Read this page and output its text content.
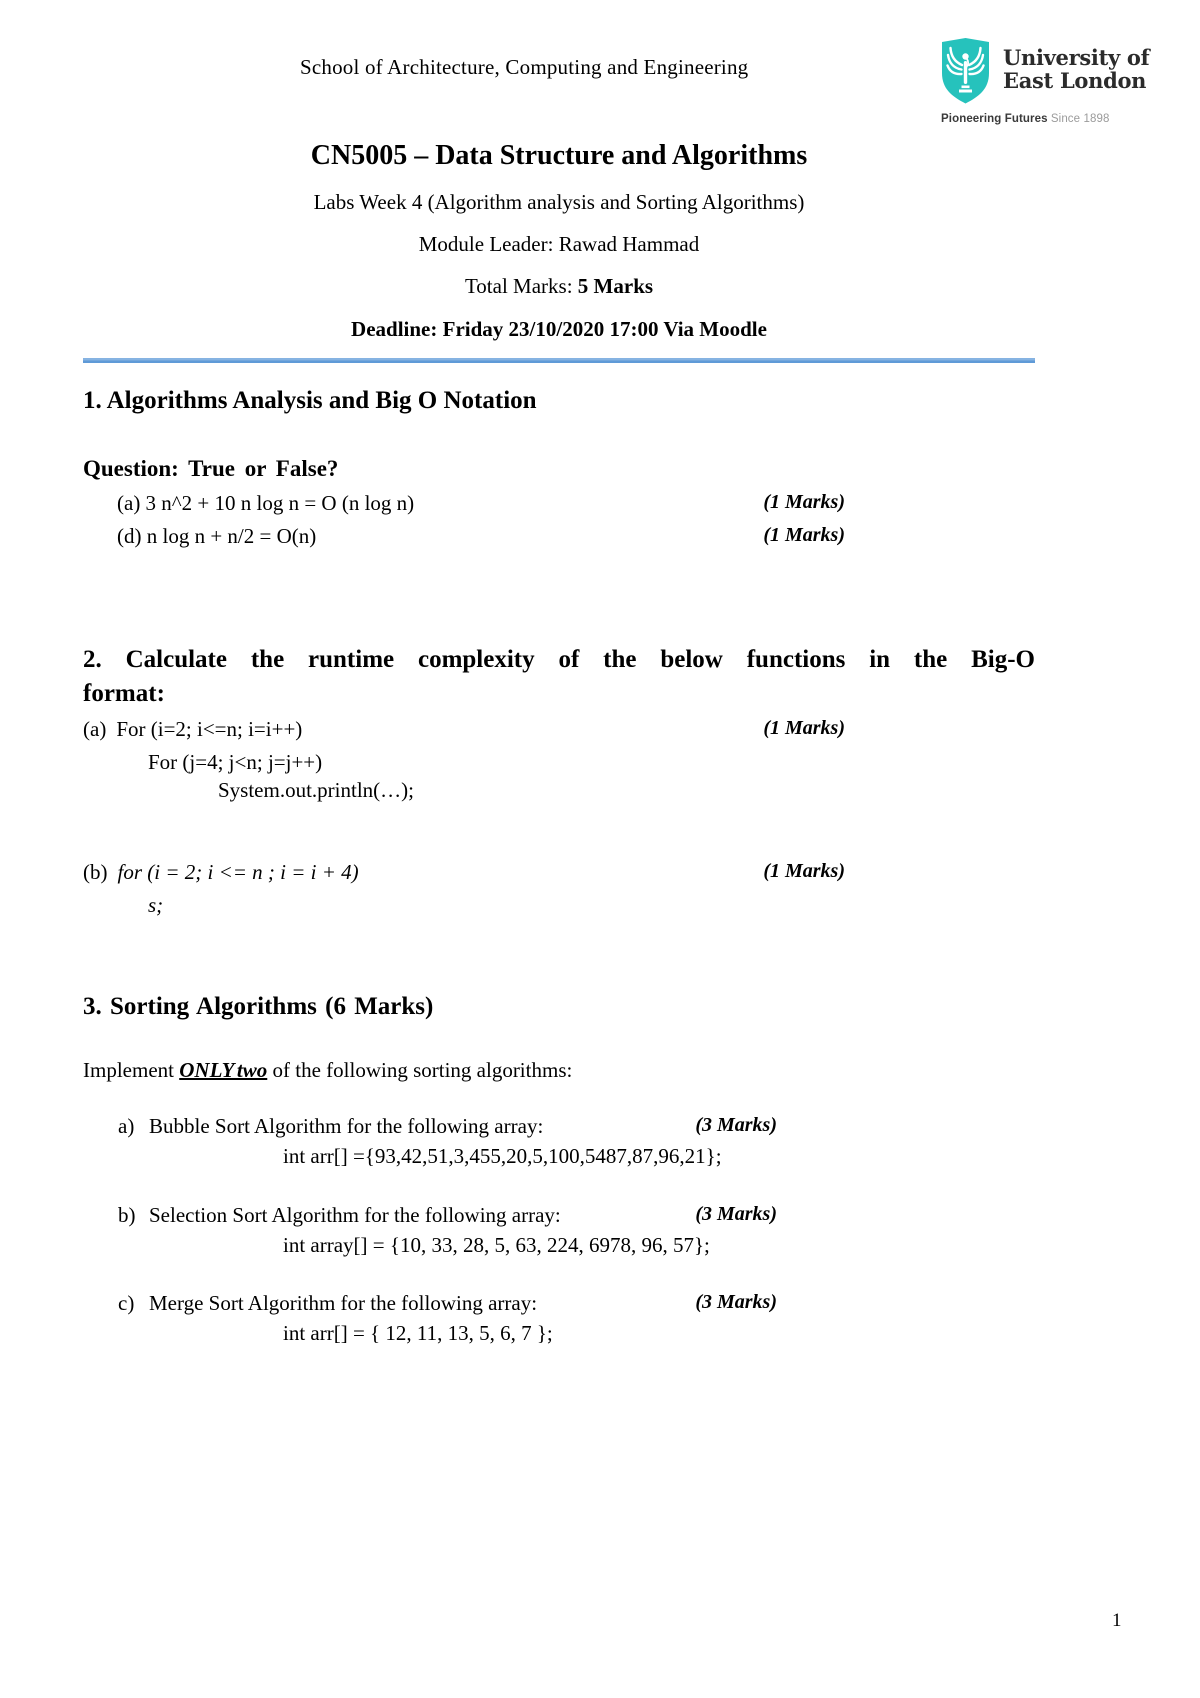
School of Architecture, Computing and Engineering	University of
East London
Pioneering Futures Since 1898
CN5005 – Data Structure and Algorithms
Labs Week 4 (Algorithm analysis and Sorting Algorithms)
Module Leader: Rawad Hammad
Total Marks: 5 Marks
Deadline: Friday 23/10/2020 17:00 Via Moodle
1. Algorithms Analysis and Big O Notation
Question: True or False?
(a) 3 n^2 + 10 n log n = O (n log n)	(1 Marks)
(d) n log n + n/2 = O(n)	(1 Marks)
2. Calculate the runtime complexity of the below functions in the Big-O
format:
(a) For (i=2; i<=n; i=i++)	(1 Marks)
For (j=4; j<n; j=j++)
System.out.println(…);
(b) for (i = 2; i <= n ; i = i + 4)	(1 Marks)
s;
3. Sorting Algorithms (6 Marks)
Implement ONLY two of the following sorting algorithms:
a) Bubble Sort Algorithm for the following array:	(3 Marks)
int arr[] ={93,42,51,3,455,20,5,100,5487,87,96,21};
b) Selection Sort Algorithm for the following array:	(3 Marks)
int array[] = {10, 33, 28, 5, 63, 224, 6978, 96, 57};
c) Merge Sort Algorithm for the following array:	(3 Marks)
int arr[] = { 12, 11, 13, 5, 6, 7 };
1
